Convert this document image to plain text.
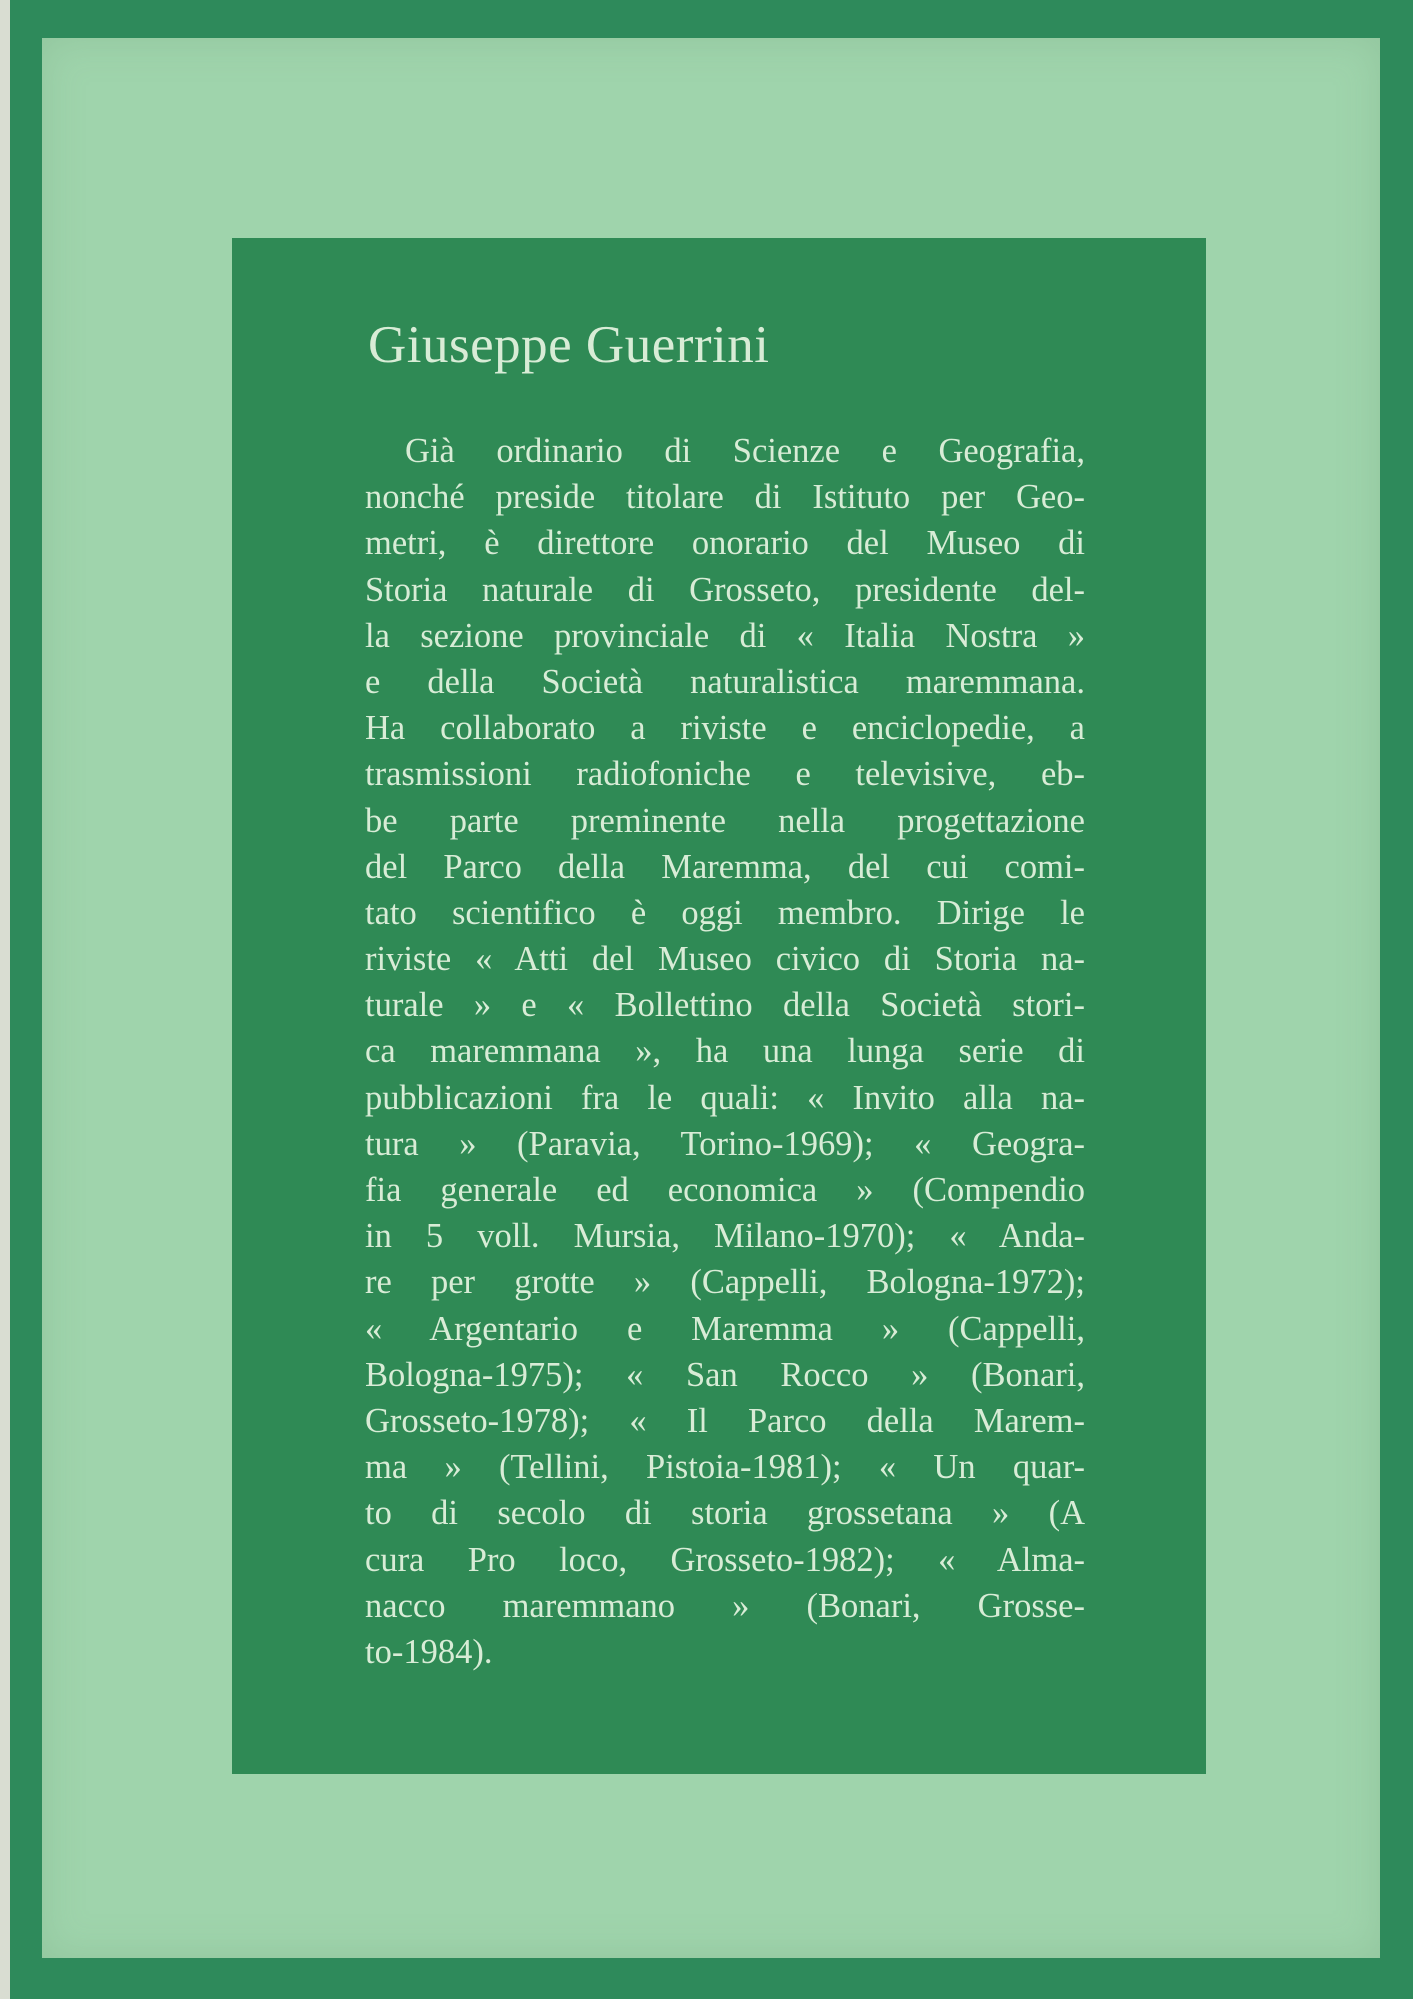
Giuseppe Guerrini
Già ordinario di Scienze e Geografia,
nonché preside titolare di Istituto per Geo-
metri, è direttore onorario del Museo di
Storia naturale di Grosseto, presidente del-
la sezione provinciale di « Italia Nostra »
e della Società naturalistica maremmana.
Ha collaborato a riviste e enciclopedie, a
trasmissioni radiofoniche e televisive, eb-
be parte preminente nella progettazione
del Parco della Maremma, del cui comi-
tato scientifico è oggi membro. Dirige le
riviste « Atti del Museo civico di Storia na-
turale » e « Bollettino della Società stori-
ca maremmana », ha una lunga serie di
pubblicazioni fra le quali: « Invito alla na-
tura » (Paravia, Torino-1969); « Geogra-
fia generale ed economica » (Compendio
in 5 voll. Mursia, Milano-1970); « Anda-
re per grotte » (Cappelli, Bologna-1972);
« Argentario e Maremma » (Cappelli,
Bologna-1975); « San Rocco » (Bonari,
Grosseto-1978); « Il Parco della Marem-
ma » (Tellini, Pistoia-1981); « Un quar-
to di secolo di storia grossetana » (A
cura Pro loco, Grosseto-1982); « Alma-
nacco maremmano » (Bonari, Grosse-
to-1984).
